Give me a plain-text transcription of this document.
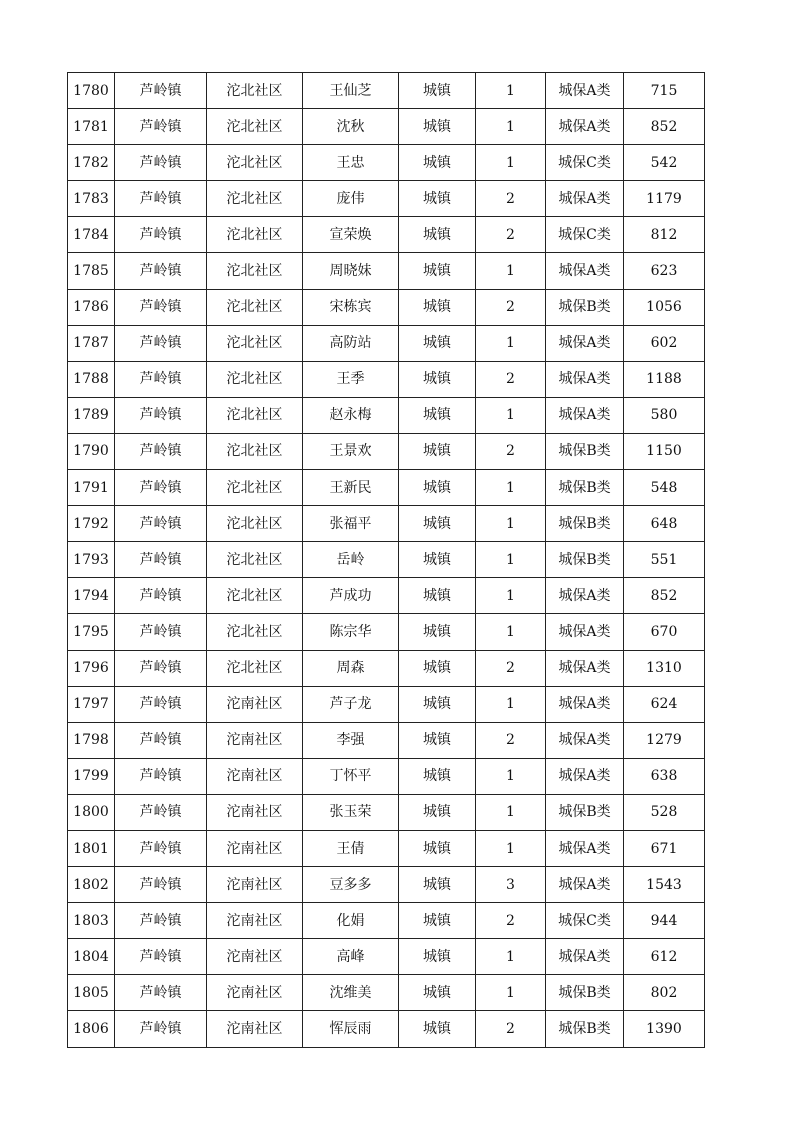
1780	芦岭镇	沱北社区	王仙芝	城镇	1	城保A类	715
1781	芦岭镇	沱北社区	沈秋	城镇	1	城保A类	852
1782	芦岭镇	沱北社区	王忠	城镇	1	城保C类	542
1783	芦岭镇	沱北社区	庞伟	城镇	2	城保A类	1179
1784	芦岭镇	沱北社区	宣荣焕	城镇	2	城保C类	812
1785	芦岭镇	沱北社区	周晓妹	城镇	1	城保A类	623
1786	芦岭镇	沱北社区	宋栋宾	城镇	2	城保B类	1056
1787	芦岭镇	沱北社区	高防站	城镇	1	城保A类	602
1788	芦岭镇	沱北社区	王季	城镇	2	城保A类	1188
1789	芦岭镇	沱北社区	赵永梅	城镇	1	城保A类	580
1790	芦岭镇	沱北社区	王景欢	城镇	2	城保B类	1150
1791	芦岭镇	沱北社区	王新民	城镇	1	城保B类	548
1792	芦岭镇	沱北社区	张福平	城镇	1	城保B类	648
1793	芦岭镇	沱北社区	岳岭	城镇	1	城保B类	551
1794	芦岭镇	沱北社区	芦成功	城镇	1	城保A类	852
1795	芦岭镇	沱北社区	陈宗华	城镇	1	城保A类	670
1796	芦岭镇	沱北社区	周森	城镇	2	城保A类	1310
1797	芦岭镇	沱南社区	芦子龙	城镇	1	城保A类	624
1798	芦岭镇	沱南社区	李强	城镇	2	城保A类	1279
1799	芦岭镇	沱南社区	丁怀平	城镇	1	城保A类	638
1800	芦岭镇	沱南社区	张玉荣	城镇	1	城保B类	528
1801	芦岭镇	沱南社区	王倩	城镇	1	城保A类	671
1802	芦岭镇	沱南社区	豆多多	城镇	3	城保A类	1543
1803	芦岭镇	沱南社区	化娟	城镇	2	城保C类	944
1804	芦岭镇	沱南社区	高峰	城镇	1	城保A类	612
1805	芦岭镇	沱南社区	沈维美	城镇	1	城保B类	802
1806	芦岭镇	沱南社区	恽辰雨	城镇	2	城保B类	1390
